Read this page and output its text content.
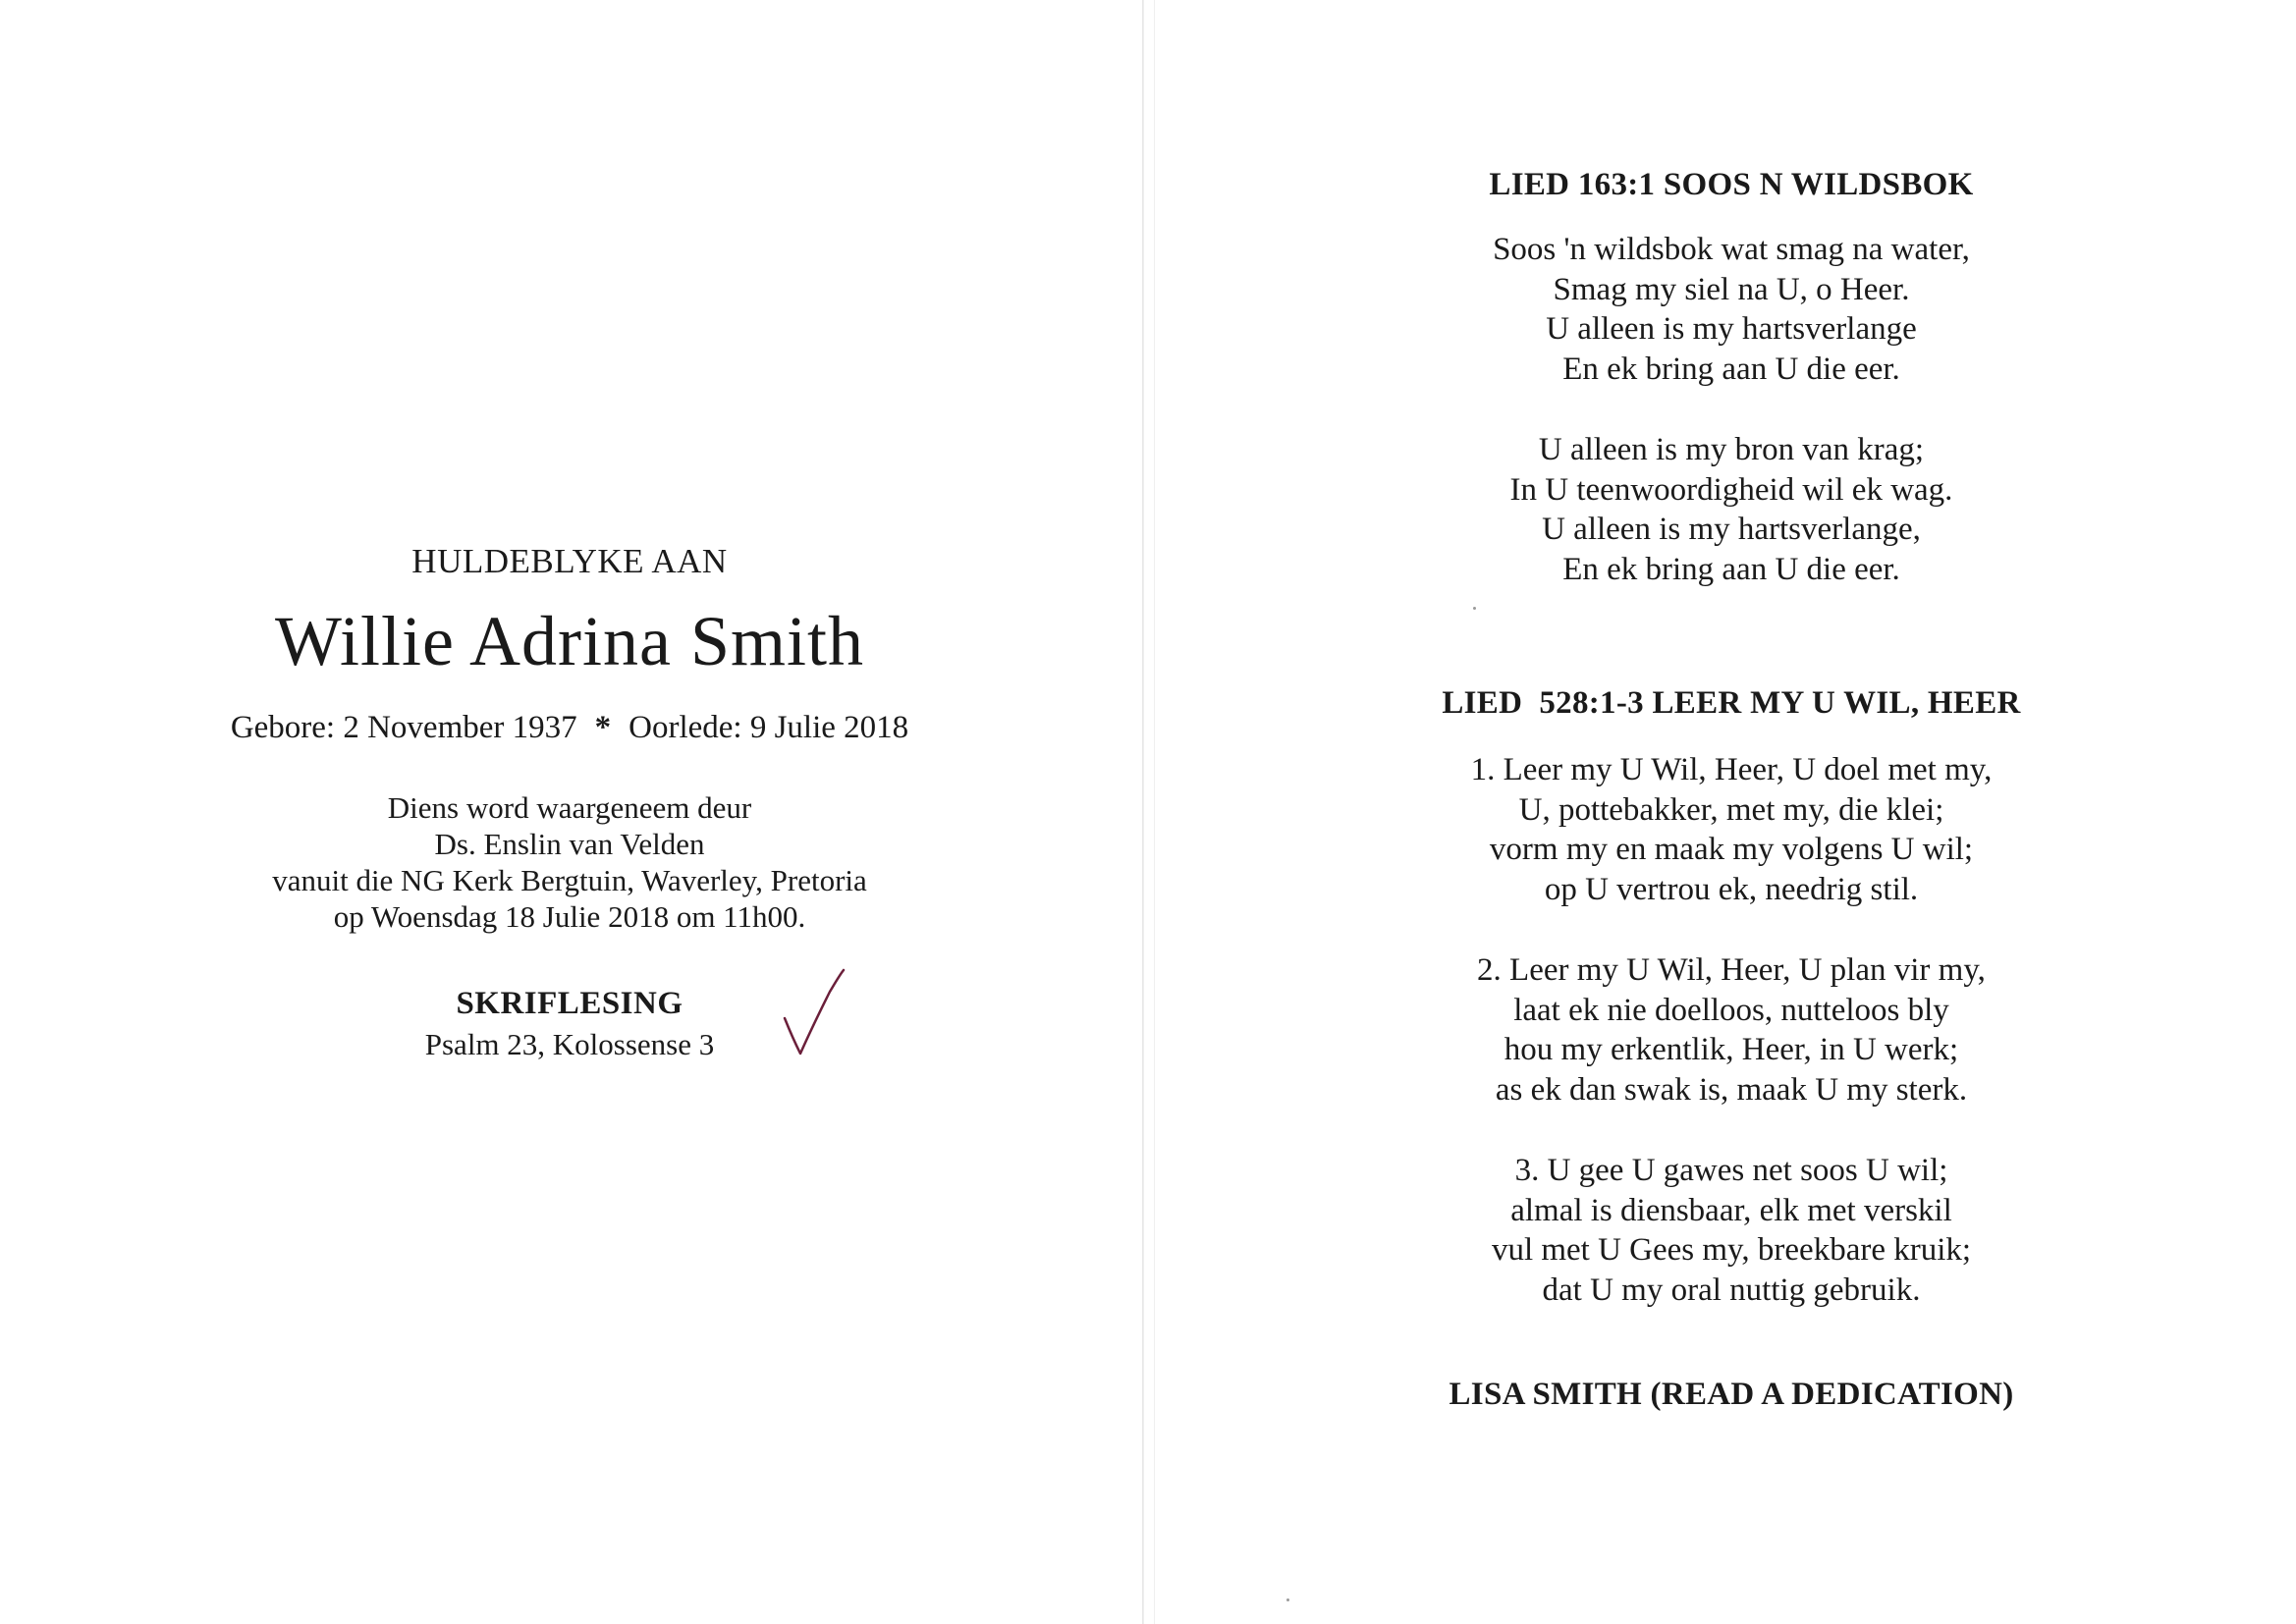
HULDEBLYKE AAN
Willie Adrina Smith
Gebore: 2 November 1937 * Oorlede: 9 Julie 2018
Diens word waargeneem deur
Ds. Enslin van Velden
vanuit die NG Kerk Bergtuin, Waverley, Pretoria
op Woensdag 18 Julie 2018 om 11h00.
SKRIFLESING
Psalm 23, Kolossense 3
LIED 163:1 SOOS N WILDSBOK
Soos 'n wildsbok wat smag na water,
Smag my siel na U, o Heer.
U alleen is my hartsverlange
En ek bring aan U die eer.
U alleen is my bron van krag;
In U teenwoordigheid wil ek wag.
U alleen is my hartsverlange,
En ek bring aan U die eer.
LIED  528:1-3 LEER MY U WIL, HEER
1. Leer my U Wil, Heer, U doel met my,
U, pottebakker, met my, die klei;
vorm my en maak my volgens U wil;
op U vertrou ek, needrig stil.
2. Leer my U Wil, Heer, U plan vir my,
laat ek nie doelloos, nutteloos bly
hou my erkentlik, Heer, in U werk;
as ek dan swak is, maak U my sterk.
3. U gee U gawes net soos U wil;
almal is diensbaar, elk met verskil
vul met U Gees my, breekbare kruik;
dat U my oral nuttig gebruik.
LISA SMITH (READ A DEDICATION)
